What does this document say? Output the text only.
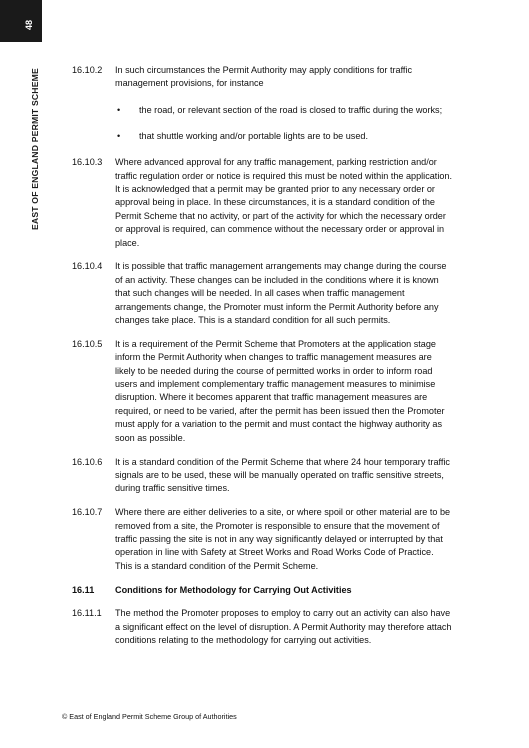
48
EAST OF ENGLAND PERMIT SCHEME	16.10.2 In such circumstances the Permit Authority may apply conditions for traffic management provisions, for instance
• the road, or relevant section of the road is closed to traffic during the works;
• that shuttle working and/or portable lights are to be used.
16.10.3 Where advanced approval for any traffic management, parking restriction and/or traffic regulation order or notice is required this must be noted within the application. It is acknowledged that a permit may be granted prior to any necessary order or approval being in place. In these circumstances, it is a standard condition of the Permit Scheme that no activity, or part of the activity for which the necessary order or approval is required, can commence without the necessary order or approval in place.
16.10.4 It is possible that traffic management arrangements may change during the course of an activity. These changes can be included in the conditions where it is known that such changes will be needed. In all cases when traffic management arrangements change, the Promoter must inform the Permit Authority before any changes take place. This is a standard condition for all such permits.
16.10.5 It is a requirement of the Permit Scheme that Promoters at the application stage inform the Permit Authority when changes to traffic management measures are likely to be needed during the course of permitted works in order to inform road users and implement complementary traffic management measures to minimise disruption. Where it becomes apparent that traffic management measures are required, or need to be varied, after the permit has been issued then the Promoter must apply for a variation to the permit and must contact the highway authority as soon as possible.
16.10.6 It is a standard condition of the Permit Scheme that where 24 hour temporary traffic signals are to be used, these will be manually operated on traffic sensitive streets, during traffic sensitive times.
16.10.7 Where there are either deliveries to a site, or where spoil or other material are to be removed from a site, the Promoter is responsible to ensure that the movement of traffic passing the site is not in any way significantly delayed or interrupted by that operation in line with Safety at Street Works and Road Works Code of Practice. This is a standard condition of the Permit Scheme.
16.11 Conditions for Methodology for Carrying Out Activities
16.11.1 The method the Promoter proposes to employ to carry out an activity can also have a significant effect on the level of disruption. A Permit Authority may therefore attach conditions relating to the methodology for carrying out activities.
© East of England Permit Scheme Group of Authorities
